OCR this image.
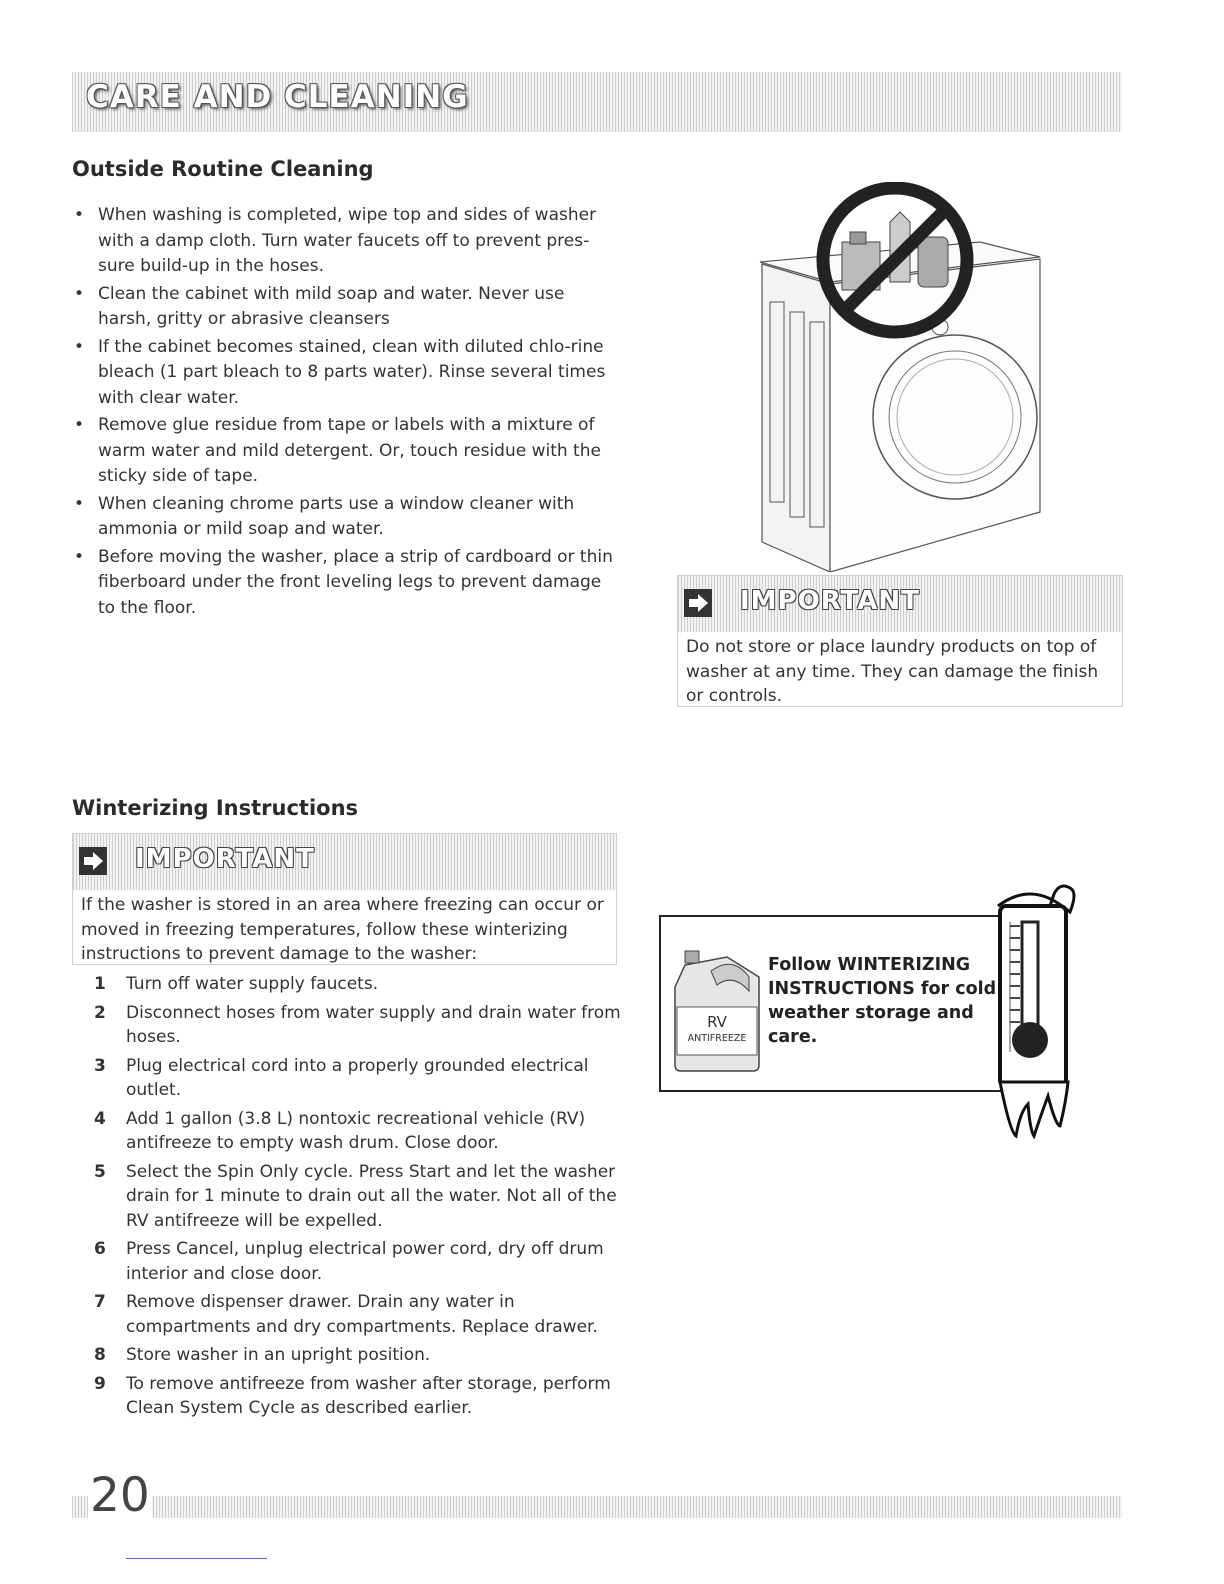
CARE AND CLEANING
Outside Routine Cleaning
• When washing is completed, wipe top and sides of washer with a damp cloth. Turn water faucets off to prevent pres-sure build-up in the hoses.
• Clean the cabinet with mild soap and water. Never use harsh, gritty or abrasive cleansers
• If the cabinet becomes stained, clean with diluted chlo-rine bleach (1 part bleach to 8 parts water). Rinse several times with clear water.
• Remove glue residue from tape or labels with a mixture of warm water and mild detergent. Or, touch residue with the sticky side of tape.
• When cleaning chrome parts use a window cleaner with ammonia or mild soap and water.
• Before moving the washer, place a strip of cardboard or thin fiberboard under the front leveling legs to prevent damage to the floor.	IMPORTANT
Do not store or place laundry products on top of washer at any time. They can damage the finish or controls.
Winterizing Instructions
IMPORTANT
If the washer is stored in an area where freezing can occur or moved in freezing temperatures, follow these winterizing instructions to prevent damage to the washer:
1 Turn off water supply faucets.
2 Disconnect hoses from water supply and drain water from hoses.
3 Plug electrical cord into a properly grounded electrical outlet.
4 Add 1 gallon (3.8 L) nontoxic recreational vehicle (RV) antifreeze to empty wash drum. Close door.
5 Select the Spin Only cycle. Press Start and let the washer drain for 1 minute to drain out all the water. Not all of the RV antifreeze will be expelled.
6 Press Cancel, unplug electrical power cord, dry off drum interior and close door.
7 Remove dispenser drawer. Drain any water in compartments and dry compartments. Replace drawer.
8 Store washer in an upright position.
9 To remove antifreeze from washer after storage, perform Clean System Cycle as described earlier.
RV
ANTIFREEZE
Follow WINTERIZING INSTRUCTIONS for cold weather storage and care.
20
